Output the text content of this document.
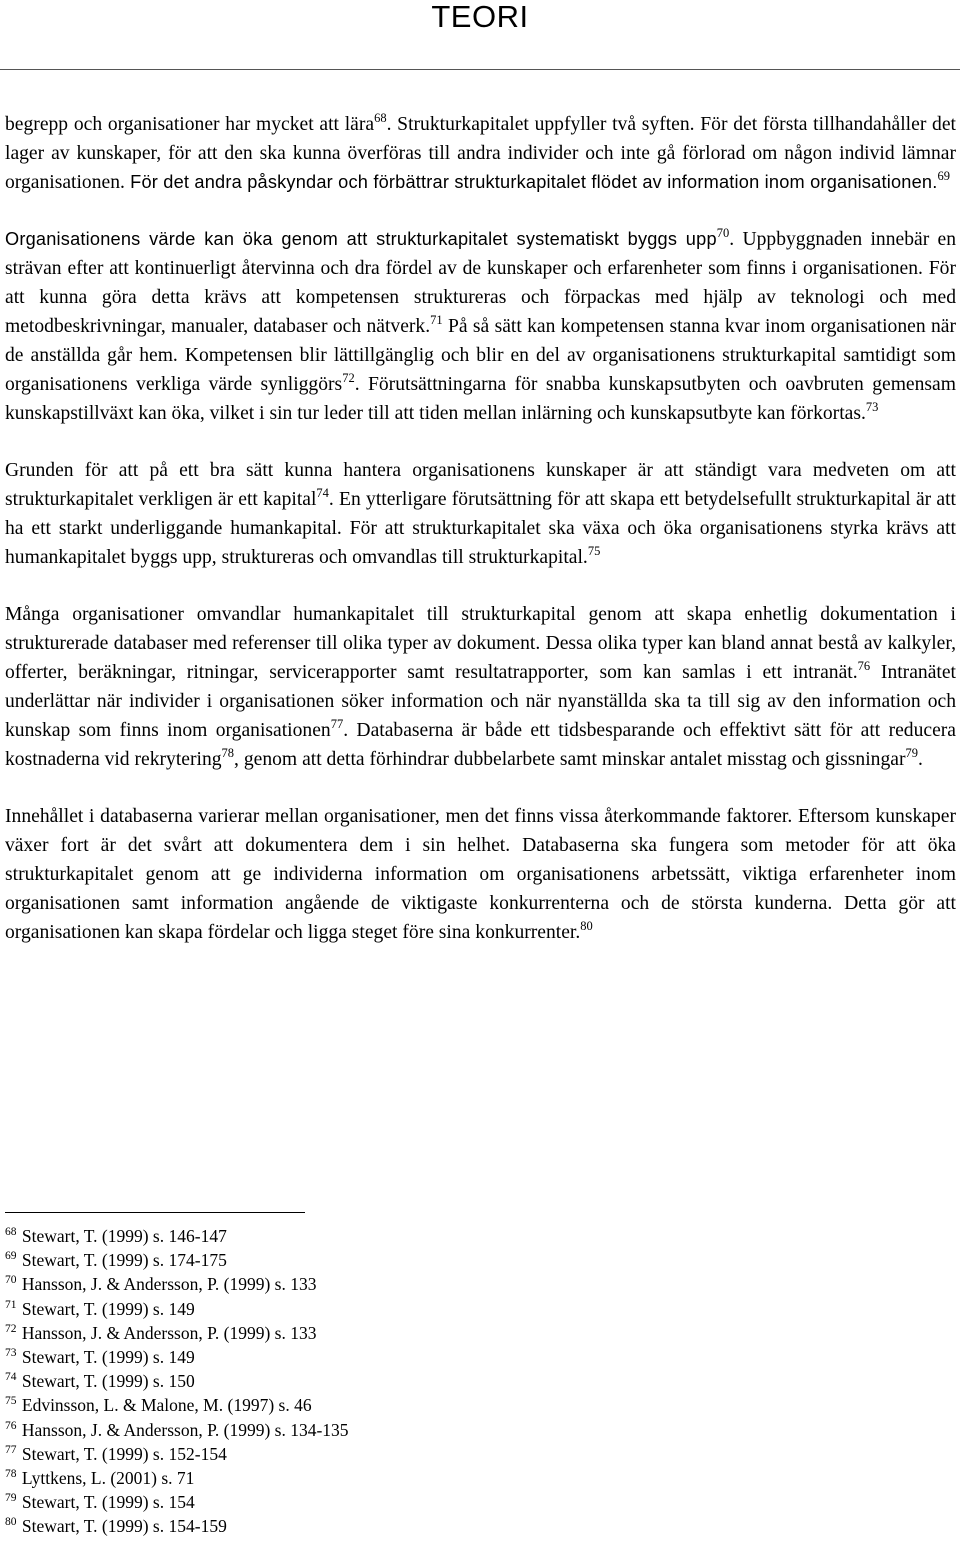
TEORI

begrepp och organisationer har mycket att lära$^{68}$. Strukturkapitalet uppfyller två syften. För det första tillhandahåller det lager av kunskaper, för att den ska kunna överföras till andra individer och inte gå förlorad om någon individ lämnar organisationen. För det andra påskyndar och förbättrar strukturkapitalet flödet av information inom organisationen.$^{69}$

Organisationens värde kan öka genom att strukturkapitalet systematiskt byggs upp$^{70}$. Uppbyggnaden innebär en strävan efter att kontinuerligt återvinna och dra fördel av de kunskaper och erfarenheter som finns i organisationen. För att kunna göra detta krävs att kompetensen struktureras och förpackas med hjälp av teknologi och med metodbeskrivningar, manualer, databaser och nätverk.$^{71}$ På så sätt kan kompetensen stanna kvar inom organisationen när de anställda går hem. Kompetensen blir lättillgänglig och blir en del av organisationens strukturkapital samtidigt som organisationens verkliga värde synliggörs$^{72}$. Förutsättningarna för snabba kunskapsutbyten och oavbruten gemensam kunskapstillväxt kan öka, vilket i sin tur leder till att tiden mellan inlärning och kunskapsutbyte kan förkortas.$^{73}$

Grunden för att på ett bra sätt kunna hantera organisationens kunskaper är att ständigt vara medveten om att strukturkapitalet verkligen är ett kapital$^{74}$. En ytterligare förutsättning för att skapa ett betydelsefullt strukturkapital är att ha ett starkt underliggande humankapital. För att strukturkapitalet ska växa och öka organisationens styrka krävs att humankapitalet byggs upp, struktureras och omvandlas till strukturkapital.$^{75}$

Många organisationer omvandlar humankapitalet till strukturkapital genom att skapa enhetlig dokumentation i strukturerade databaser med referenser till olika typer av dokument. Dessa olika typer kan bland annat bestå av kalkyler, offerter, beräkningar, ritningar, servicerapporter samt resultatrapporter, som kan samlas i ett intranät.$^{76}$ Intranätet underlättar när individer i organisationen söker information och när nyanställda ska ta till sig av den information och kunskap som finns inom organisationen$^{77}$. Databaserna är både ett tidsbesparande och effektivt sätt för att reducera kostnaderna vid rekrytering$^{78}$, genom att detta förhindrar dubbelarbete samt minskar antalet misstag och gissningar$^{79}$.

Innehållet i databaserna varierar mellan organisationer, men det finns vissa återkommande faktorer. Eftersom kunskaper växer fort är det svårt att dokumentera dem i sin helhet. Databaserna ska fungera som metoder för att öka strukturkapitalet genom att ge individerna information om organisationens arbetssätt, viktiga erfarenheter inom organisationen samt information angående de viktigaste konkurrenterna och de största kunderna. Detta gör att organisationen kan skapa fördelar och ligga steget före sina konkurrenter.$^{80}$

$^{68}$ Stewart, T. (1999) s. 146-147
$^{69}$ Stewart, T. (1999) s. 174-175
$^{70}$ Hansson, J. & Andersson, P. (1999) s. 133
$^{71}$ Stewart, T. (1999) s. 149
$^{72}$ Hansson, J. & Andersson, P. (1999) s. 133
$^{73}$ Stewart, T. (1999) s. 149
$^{74}$ Stewart, T. (1999) s. 150
$^{75}$ Edvinsson, L. & Malone, M. (1997) s. 46
$^{76}$ Hansson, J. & Andersson, P. (1999) s. 134-135
$^{77}$ Stewart, T. (1999) s. 152-154
$^{78}$ Lyttkens, L. (2001) s. 71
$^{79}$ Stewart, T. (1999) s. 154
$^{80}$ Stewart, T. (1999) s. 154-159
